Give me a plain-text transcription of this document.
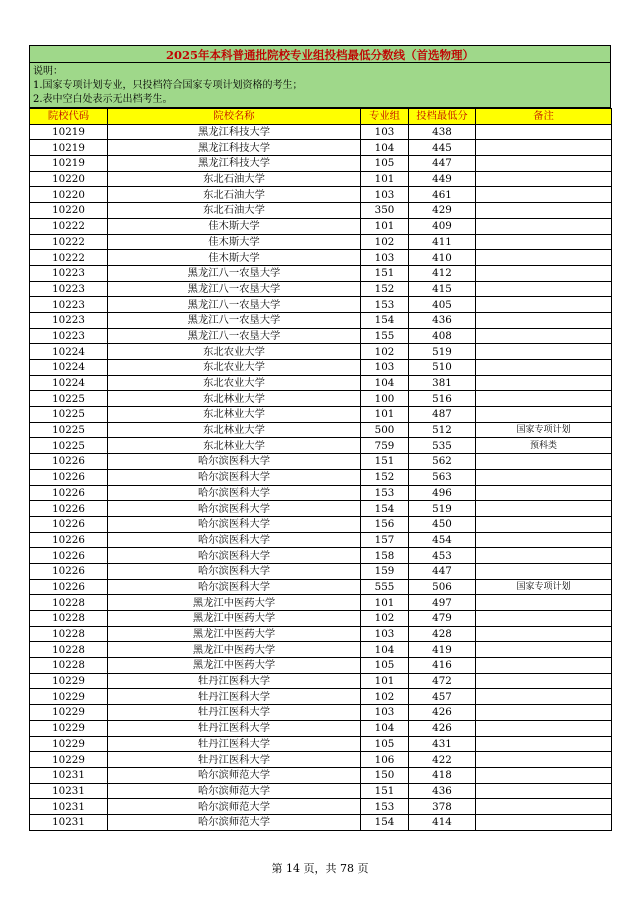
2025年本科普通批院校专业组投档最低分数线（首选物理）
说明：
1.国家专项计划专业，只投档符合国家专项计划资格的考生；
2.表中空白处表示无出档考生。
院校代码	院校名称	专业组	投档最低分	备注
10219	黑龙江科技大学	103	438	
10219	黑龙江科技大学	104	445	
10219	黑龙江科技大学	105	447	
10220	东北石油大学	101	449	
10220	东北石油大学	103	461	
10220	东北石油大学	350	429	
10222	佳木斯大学	101	409	
10222	佳木斯大学	102	411	
10222	佳木斯大学	103	410	
10223	黑龙江八一农垦大学	151	412	
10223	黑龙江八一农垦大学	152	415	
10223	黑龙江八一农垦大学	153	405	
10223	黑龙江八一农垦大学	154	436	
10223	黑龙江八一农垦大学	155	408	
10224	东北农业大学	102	519	
10224	东北农业大学	103	510	
10224	东北农业大学	104	381	
10225	东北林业大学	100	516	
10225	东北林业大学	101	487	
10225	东北林业大学	500	512	国家专项计划
10225	东北林业大学	759	535	预科类
10226	哈尔滨医科大学	151	562	
10226	哈尔滨医科大学	152	563	
10226	哈尔滨医科大学	153	496	
10226	哈尔滨医科大学	154	519	
10226	哈尔滨医科大学	156	450	
10226	哈尔滨医科大学	157	454	
10226	哈尔滨医科大学	158	453	
10226	哈尔滨医科大学	159	447	
10226	哈尔滨医科大学	555	506	国家专项计划
10228	黑龙江中医药大学	101	497	
10228	黑龙江中医药大学	102	479	
10228	黑龙江中医药大学	103	428	
10228	黑龙江中医药大学	104	419	
10228	黑龙江中医药大学	105	416	
10229	牡丹江医科大学	101	472	
10229	牡丹江医科大学	102	457	
10229	牡丹江医科大学	103	426	
10229	牡丹江医科大学	104	426	
10229	牡丹江医科大学	105	431	
10229	牡丹江医科大学	106	422	
10231	哈尔滨师范大学	150	418	
10231	哈尔滨师范大学	151	436	
10231	哈尔滨师范大学	153	378	
10231	哈尔滨师范大学	154	414	
第 14 页，共 78 页
